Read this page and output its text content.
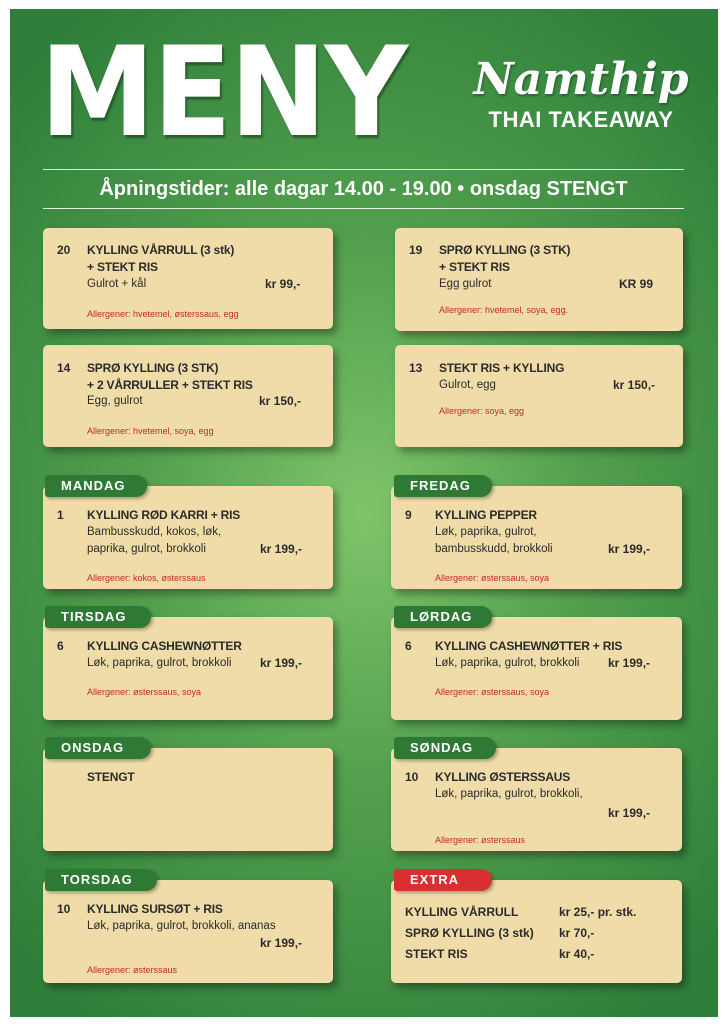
MENY Namthip
THAI TAKEAWAY
Åpningstider: alle dagar 14.00 - 19.00 • onsdag STENGT
20 KYLLING VÅRRULL (3 stk)
+ STEKT RIS
Gulrot + kål	kr 99,-
Allergener: hvetemel, østerssaus, egg
19 SPRØ KYLLING (3 STK)
+ STEKT RIS
Egg gulrot	KR 99
Allergener: hvetemel, soya, egg.
14 SPRØ KYLLING (3 STK)
+ 2 VÅRRULLER + STEKT RIS
Egg, gulrot	kr 150,-
Allergener: hvetemel, soya, egg
13 STEKT RIS + KYLLING
Gulrot, egg	kr 150,-
Allergener: soya, egg
MANDAG
1 KYLLING RØD KARRI + RIS
Bambusskudd, kokos, løk,
paprika, gulrot, brokkoli	kr 199,-
Allergener: kokos, østerssaus
FREDAG
9 KYLLING PEPPER
Løk, paprika, gulrot,
bambusskudd, brokkoli	kr 199,-
Allergener: østerssaus, soya
TIRSDAG
6 KYLLING CASHEWNØTTER
Løk, paprika, gulrot, brokkoli kr 199,-
Allergener: østerssaus, soya
LØRDAG
6 KYLLING CASHEWNØTTER + RIS
Løk, paprika, gulrot, brokkoli kr 199,-
Allergener: østerssaus, soya
ONSDAG
STENGT
SØNDAG
10 KYLLING ØSTERSSAUS
Løk, paprika, gulrot, brokkoli,
kr 199,-
Allergener: østerssaus
TORSDAG
10 KYLLING SURSØT + RIS
Løk, paprika, gulrot, brokkoli, ananas
kr 199,-
Allergener: østerssaus
EXTRA
KYLLING VÅRRULL	kr 25,- pr. stk.
SPRØ KYLLING (3 stk) kr 70,-
STEKT RIS	kr 40,-
